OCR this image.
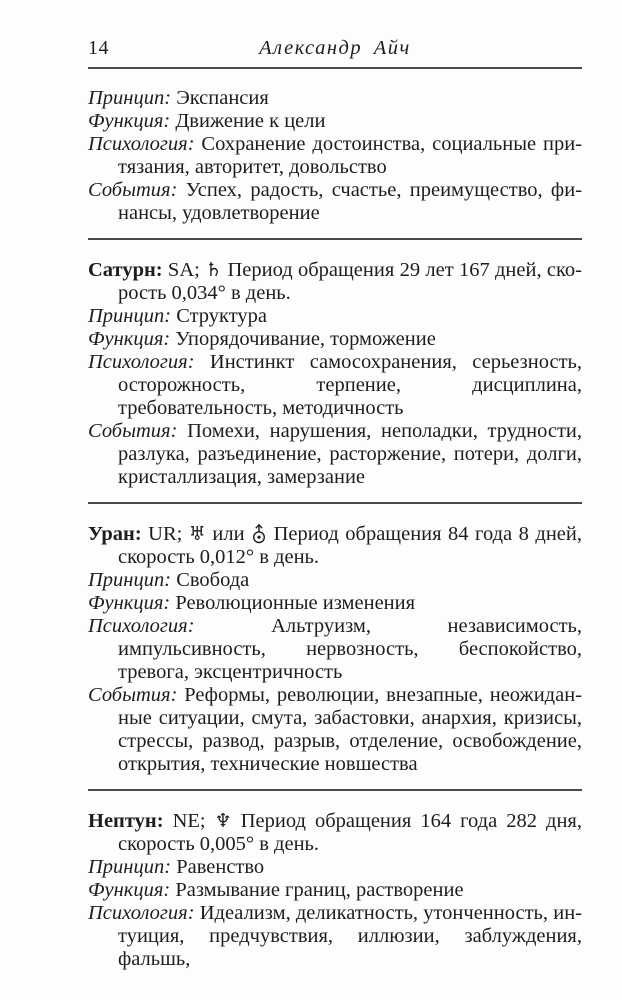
14	Александр Айч

Принцип: Экспансия

Функция: Движение к цели

Психология: Сохранение достоинства, социальные притязания, авторитет, довольство

События: Успех, радость, счастье, преимущество, финансы, удовлетворение

Сатурн: SA; ♄ Период обращения 29 лет 167 дней, скорость 0,034° в день.

Принцип: Структура

Функция: Упорядочивание, торможение

Психология: Инстинкт самосохранения, серьезность, осторожность, терпение, дисциплина, требовательность, методичность

События: Помехи, нарушения, неполадки, трудности, разлука, разъединение, расторжение, потери, долги, кристаллизация, замерзание

Уран: UR; ♅ или
Период обращения 84 года 8 дней, скорость 0,012° в день.

Принцип: Свобода

Функция: Революционные изменения

Психология:	Альтруизм, независимость, импульсивность, нервозность, беспокойство, тревога, эксцентричность

События: Реформы, революции, внезапные, неожиданные ситуации, смута, забастовки, анархия, кризисы, стрессы, развод, разрыв, отделение, освобождение, открытия, технические новшества

Нептун: NE; ♆ Период обращения 164 года 282 дня, скорость 0,005° в день.

Принцип: Равенство

Функция: Размывание границ, растворение

Психология: Идеализм, деликатность, утонченность, интуиция, предчувствия, иллюзии, заблуждения, фальшь,
